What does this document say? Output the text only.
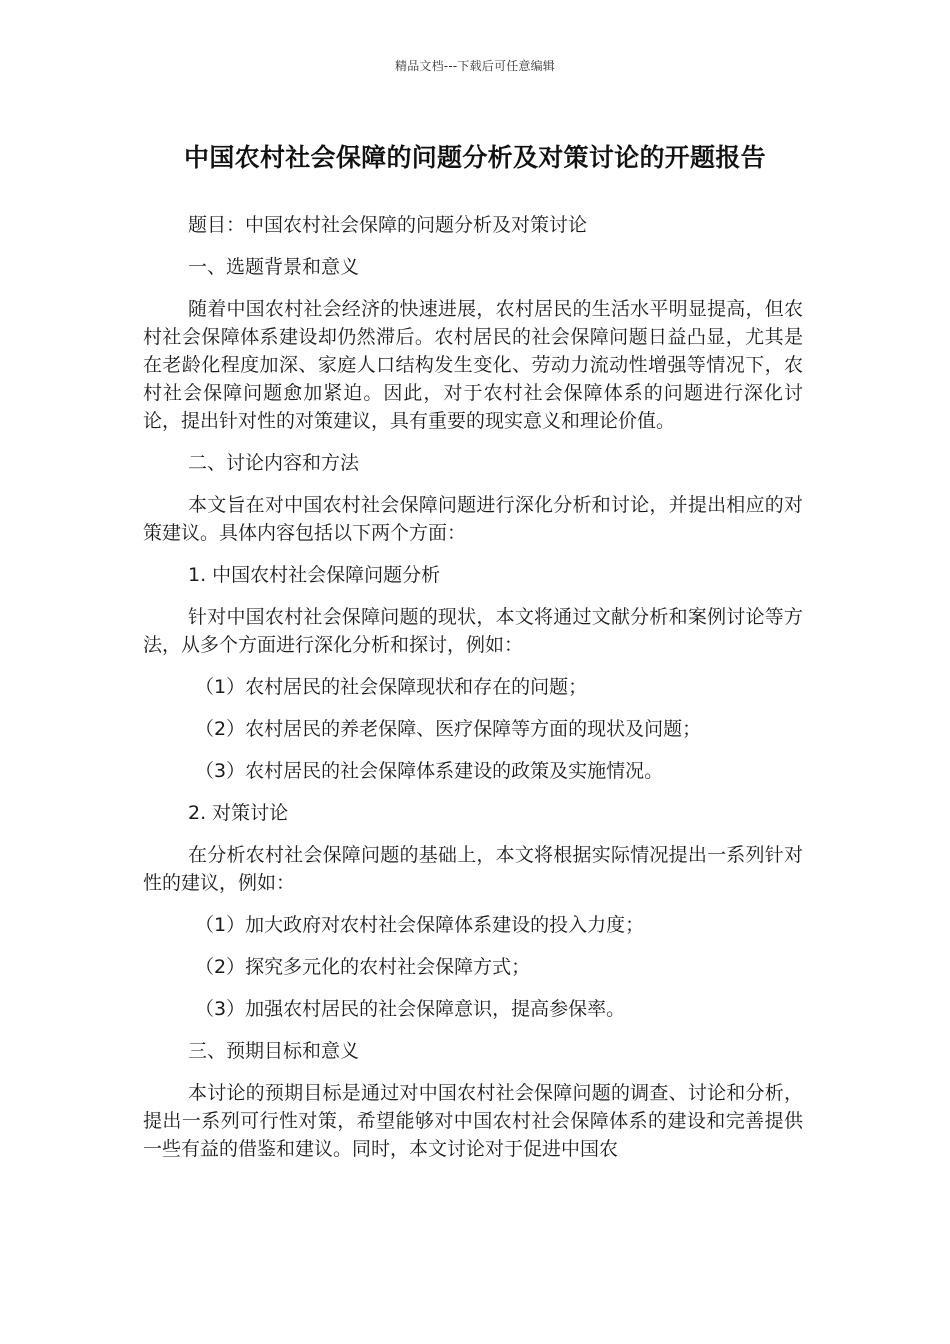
精品文档---下载后可任意编辑
中国农村社会保障的问题分析及对策讨论的开题报告

题目：中国农村社会保障的问题分析及对策讨论

一、选题背景和意义

随着中国农村社会经济的快速进展，农村居民的生活水平明显提高，但农村社会保障体系建设却仍然滞后。农村居民的社会保障问题日益凸显，尤其是在老龄化程度加深、家庭人口结构发生变化、劳动力流动性增强等情况下，农村社会保障问题愈加紧迫。因此，对于农村社会保障体系的问题进行深化讨论，提出针对性的对策建议，具有重要的现实意义和理论价值。

二、讨论内容和方法

本文旨在对中国农村社会保障问题进行深化分析和讨论，并提出相应的对策建议。具体内容包括以下两个方面：

1. 中国农村社会保障问题分析

针对中国农村社会保障问题的现状，本文将通过文献分析和案例讨论等方法，从多个方面进行深化分析和探讨，例如：

（1）农村居民的社会保障现状和存在的问题；

（2）农村居民的养老保障、医疗保障等方面的现状及问题；

（3）农村居民的社会保障体系建设的政策及实施情况。

2. 对策讨论

在分析农村社会保障问题的基础上，本文将根据实际情况提出一系列针对性的建议，例如：

（1）加大政府对农村社会保障体系建设的投入力度；

（2）探究多元化的农村社会保障方式；

（3）加强农村居民的社会保障意识，提高参保率。

三、预期目标和意义

本讨论的预期目标是通过对中国农村社会保障问题的调查、讨论和分析，提出一系列可行性对策，希望能够对中国农村社会保障体系的建设和完善提供一些有益的借鉴和建议。同时，本文讨论对于促进中国农
